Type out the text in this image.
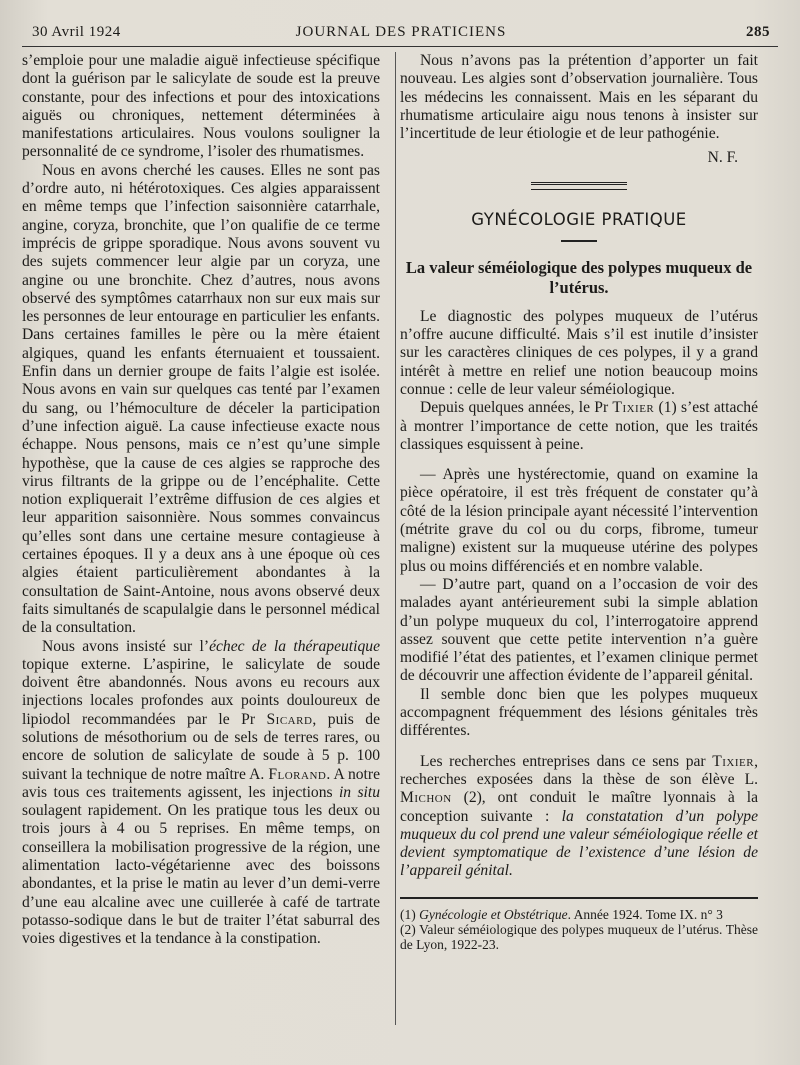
30 Avril 1924	JOURNAL DES PRATICIENS	285

s’emploie pour une maladie aiguë infectieuse spécifique dont la guérison par le salicylate de soude est la preuve constante, pour des infections et pour des intoxications aiguës ou chroniques, nettement déterminées à manifestations articulaires. Nous voulons souligner la personnalité de ce syndrome, l’isoler des rhumatismes.

Nous en avons cherché les causes. Elles ne sont pas d’ordre auto, ni hétérotoxiques. Ces algies apparaissent en même temps que l’infection saisonnière catarrhale, angine, coryza, bronchite, que l’on qualifie de ce terme imprécis de grippe sporadique. Nous avons souvent vu des sujets commencer leur algie par un coryza, une angine ou une bronchite. Chez d’autres, nous avons observé des symptômes catarrhaux non sur eux mais sur les personnes de leur entourage en particulier les enfants. Dans certaines familles le père ou la mère étaient algiques, quand les enfants éternuaient et toussaient. Enfin dans un dernier groupe de faits l’algie est isolée. Nous avons en vain sur quelques cas tenté par l’examen du sang, ou l’hémoculture de déceler la participation d’une infection aiguë. La cause infectieuse exacte nous échappe. Nous pensons, mais ce n’est qu’une simple hypothèse, que la cause de ces algies se rapproche des virus filtrants de la grippe ou de l’encéphalite. Cette notion expliquerait l’extrême diffusion de ces algies et leur apparition saisonnière. Nous sommes convaincus qu’elles sont dans une certaine mesure contagieuse à certaines époques. Il y a deux ans à une époque où ces algies étaient particulièrement abondantes à la consultation de Saint-Antoine, nous avons observé deux faits simultanés de scapulalgie dans le personnel médical de la consultation.

Nous avons insisté sur l’échec de la thérapeutique topique externe. L’aspirine, le salicylate de soude doivent être abandonnés. Nous avons eu recours aux injections locales profondes aux points douloureux de lipiodol recommandées par le Pr Sicard, puis de solutions de mésothorium ou de sels de terres rares, ou encore de solution de salicylate de soude à 5 p. 100 suivant la technique de notre maître A. Florand. A notre avis tous ces traitements agissent, les injections in situ soulagent rapidement. On les pratique tous les deux ou trois jours à 4 ou 5 reprises. En même temps, on conseillera la mobilisation progressive de la région, une alimentation lacto-végétarienne avec des boissons abondantes, et la prise le matin au lever d’un demi-verre d’une eau alcaline avec une cuillerée à café de tartrate potasso-sodique dans le but de traiter l’état saburral des voies digestives et la tendance à la constipation.

Nous n’avons pas la prétention d’apporter un fait nouveau. Les algies sont d’observation journalière. Tous les médecins les connaissent. Mais en les séparant du rhumatisme articulaire aigu nous tenons à insister sur l’incertitude de leur étiologie et de leur pathogénie.

N. F.

GYNÉCOLOGIE PRATIQUE
La valeur séméiologique des polypes muqueux de l’utérus.

Le diagnostic des polypes muqueux de l’utérus n’offre aucune difficulté. Mais s’il est inutile d’insister sur les caractères cliniques de ces polypes, il y a grand intérêt à mettre en relief une notion beaucoup moins connue : celle de leur valeur séméiologique.

Depuis quelques années, le Pr Tixier (1) s’est attaché à montrer l’importance de cette notion, que les traités classiques esquissent à peine.

— Après une hystérectomie, quand on examine la pièce opératoire, il est très fréquent de constater qu’à côté de la lésion principale ayant nécessité l’intervention (métrite grave du col ou du corps, fibrome, tumeur maligne) existent sur la muqueuse utérine des polypes plus ou moins différenciés et en nombre valable.

— D’autre part, quand on a l’occasion de voir des malades ayant antérieurement subi la simple ablation d’un polype muqueux du col, l’interrogatoire apprend assez souvent que cette petite intervention n’a guère modifié l’état des patientes, et l’examen clinique permet de découvrir une affection évidente de l’appareil génital.

Il semble donc bien que les polypes muqueux accompagnent fréquemment des lésions génitales très différentes.

Les recherches entreprises dans ce sens par Tixier, recherches exposées dans la thèse de son élève L. Michon (2), ont conduit le maître lyonnais à la conception suivante : la constatation d’un polype muqueux du col prend une valeur séméiologique réelle et devient symptomatique de l’existence d’une lésion de l’appareil génital.

(1) Gynécologie et Obstétrique. Année 1924. Tome IX. n° 3

(2) Valeur séméiologique des polypes muqueux de l’utérus. Thèse de Lyon, 1922-23.
